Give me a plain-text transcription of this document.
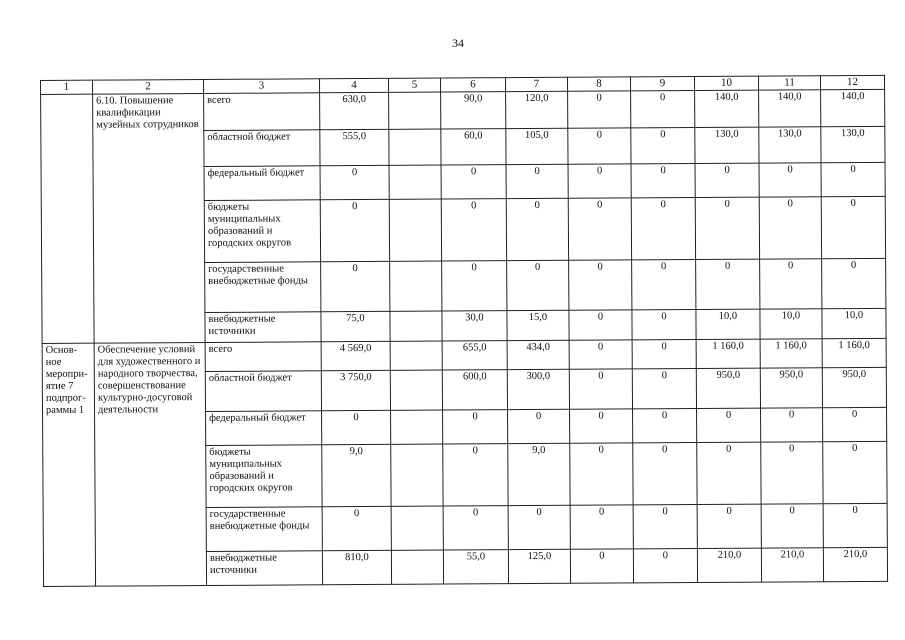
34
1	2	3	4	5	6	7	8	9	10	11	12
	6.10. Повышение квалификации музейных сотрудников	всего	630,0		90,0	120,0	0	0	140,0	140,0	140,0
		областной бюджет	555,0		60,0	105,0	0	0	130,0	130,0	130,0
		федеральный бюджет	0		0	0	0	0	0	0	0
		бюджеты муниципальных образований и городских округов	0		0	0	0	0	0	0	0
		государственные внебюджетные фонды	0		0	0	0	0	0	0	0
		внебюджетные источники	75,0		30,0	15,0	0	0	10,0	10,0	10,0
Основ-ное меропри-ятие 7 подпрог-раммы 1	Обеспечение условий для художественного и народного творчества, совершенствование культурно-досуговой деятельности	всего	4 569,0		655,0	434,0	0	0	1 160,0	1 160,0	1 160,0
		областной бюджет	3 750,0		600,0	300,0	0	0	950,0	950,0	950,0
		федеральный бюджет	0		0	0	0	0	0	0	0
		бюджеты муниципальных образований и городских округов	9,0		0	9,0	0	0	0	0	0
		государственные внебюджетные фонды	0		0	0	0	0	0	0	0
		внебюджетные источники	810,0		55,0	125,0	0	0	210,0	210,0	210,0
